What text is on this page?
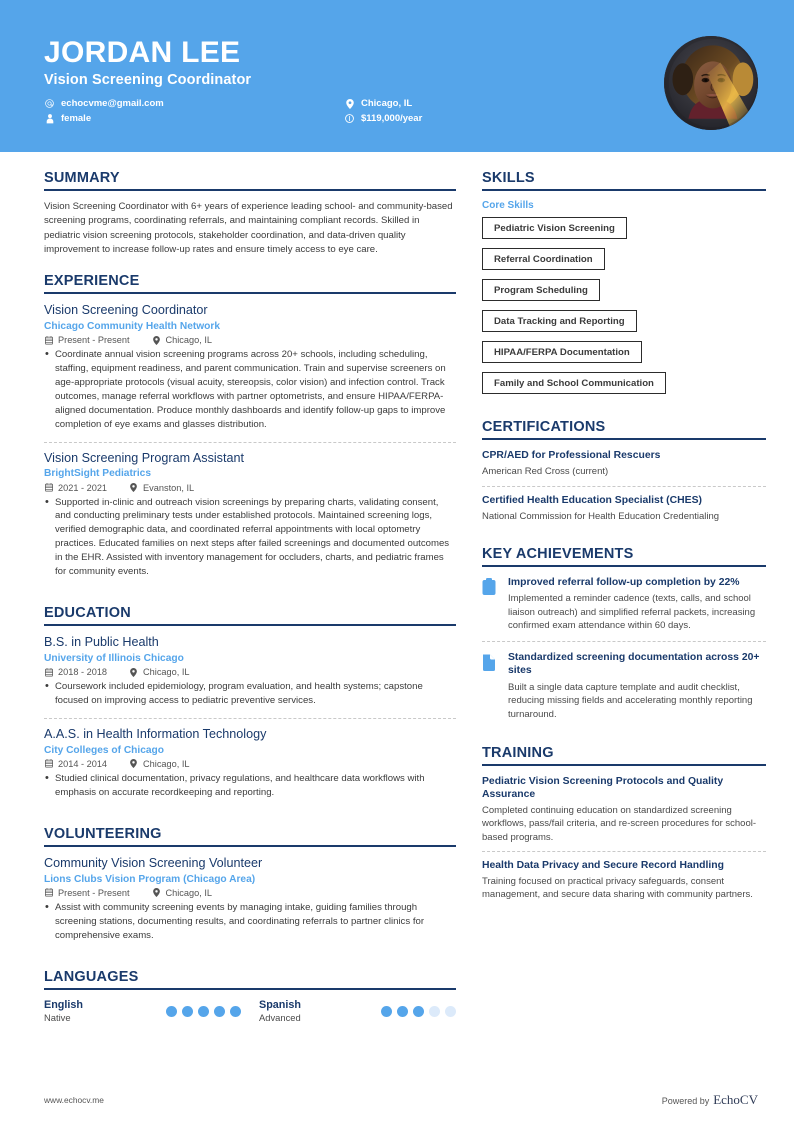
JORDAN LEE
Vision Screening Coordinator
echocvme@gmail.com	Chicago, IL
female	$119,000/year
SUMMARY
Vision Screening Coordinator with 6+ years of experience leading school- and community-based screening programs, coordinating referrals, and maintaining compliant records. Skilled in pediatric vision screening protocols, stakeholder coordination, and data-driven quality improvement to increase follow-up rates and ensure timely access to eye care.
EXPERIENCE
Vision Screening Coordinator
Chicago Community Health Network
Present - Present	Chicago, IL
• Coordinate annual vision screening programs across 20+ schools, including scheduling, staffing, equipment readiness, and parent communication. Train and supervise screeners on age-appropriate protocols (visual acuity, stereopsis, color vision) and infection control. Track outcomes, manage referral workflows with partner optometrists, and ensure HIPAA/FERPA-aligned documentation. Produce monthly dashboards and identify follow-up gaps to improve completion of eye exams and glasses distribution.
Vision Screening Program Assistant
BrightSight Pediatrics
2021 - 2021	Evanston, IL
• Supported in-clinic and outreach vision screenings by preparing charts, validating consent, and conducting preliminary tests under established protocols. Maintained screening logs, verified demographic data, and coordinated referral appointments with local optometry practices. Educated families on next steps after failed screenings and documented outcomes in the EHR. Assisted with inventory management for occluders, charts, and pediatric frames for community events.
EDUCATION
B.S. in Public Health
University of Illinois Chicago
2018 - 2018	Chicago, IL
• Coursework included epidemiology, program evaluation, and health systems; capstone focused on improving access to pediatric preventive services.
A.A.S. in Health Information Technology
City Colleges of Chicago
2014 - 2014	Chicago, IL
• Studied clinical documentation, privacy regulations, and healthcare data workflows with emphasis on accurate recordkeeping and reporting.
VOLUNTEERING
Community Vision Screening Volunteer
Lions Clubs Vision Program (Chicago Area)
Present - Present	Chicago, IL
• Assist with community screening events by managing intake, guiding families through screening stations, documenting results, and coordinating referrals to partner clinics for comprehensive exams.
LANGUAGES
English
Native
Spanish
Advanced
SKILLS
Core Skills
Pediatric Vision Screening
Referral Coordination
Program Scheduling
Data Tracking and Reporting
HIPAA/FERPA Documentation
Family and School Communication
CERTIFICATIONS
CPR/AED for Professional Rescuers
American Red Cross (current)
Certified Health Education Specialist (CHES)
National Commission for Health Education Credentialing
KEY ACHIEVEMENTS
Improved referral follow-up completion by 22%
Implemented a reminder cadence (texts, calls, and school liaison outreach) and simplified referral packets, increasing confirmed exam attendance within 60 days.
Standardized screening documentation across 20+ sites
Built a single data capture template and audit checklist, reducing missing fields and accelerating monthly reporting turnaround.
TRAINING
Pediatric Vision Screening Protocols and Quality Assurance
Completed continuing education on standardized screening workflows, pass/fail criteria, and re-screen procedures for school-based programs.
Health Data Privacy and Secure Record Handling
Training focused on practical privacy safeguards, consent management, and secure data sharing with community partners.
www.echocv.me	Powered by EchoCV
